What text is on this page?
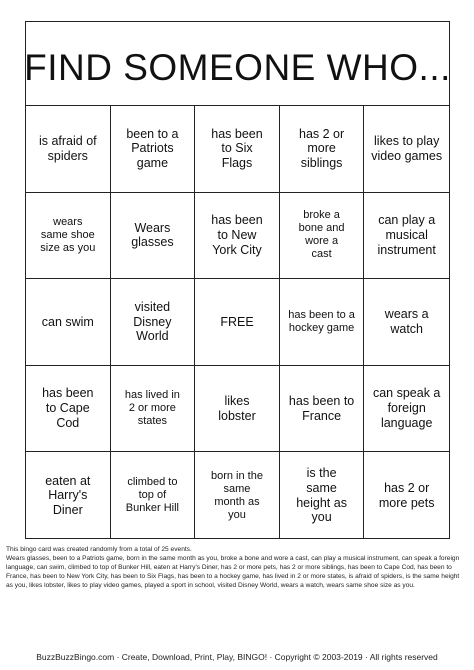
FIND SOMEONE WHO...
is afraid of spiders
been to a Patriots game
has been to Six Flags
has 2 or more siblings
likes to play video games
wears same shoe size as you
Wears glasses
has been to New York City
broke a bone and wore a cast
can play a musical instrument
can swim
visited Disney World
FREE	has been to a hockey game
wears a watch
has been to Cape Cod
has lived in 2 or more states
likes lobster
has been to France
can speak a foreign language
eaten at Harry's Diner
climbed to top of Bunker Hill
born in the same month as you
is the same height as you
has 2 or more pets

This bingo card was created randomly from a total of 25 events.

Wears glasses, been to a Patriots game, born in the same month as you, broke a bone and wore a cast, can play a musical instrument, can speak a foreign language, can swim, climbed to top of Bunker Hill, eaten at Harry's Diner, has 2 or more pets, has 2 or more siblings, has been to Cape Cod, has been to France, has been to New York City, has been to Six Flags, has been to a hockey game, has lived in 2 or more states, is afraid of spiders, is the same height as you, likes lobster, likes to play video games, played a sport in school, visited Disney World, wears a watch, wears same shoe size as you.

BuzzBuzzBingo.com · Create, Download, Print, Play, BINGO! · Copyright © 2003-2019 · All rights reserved
